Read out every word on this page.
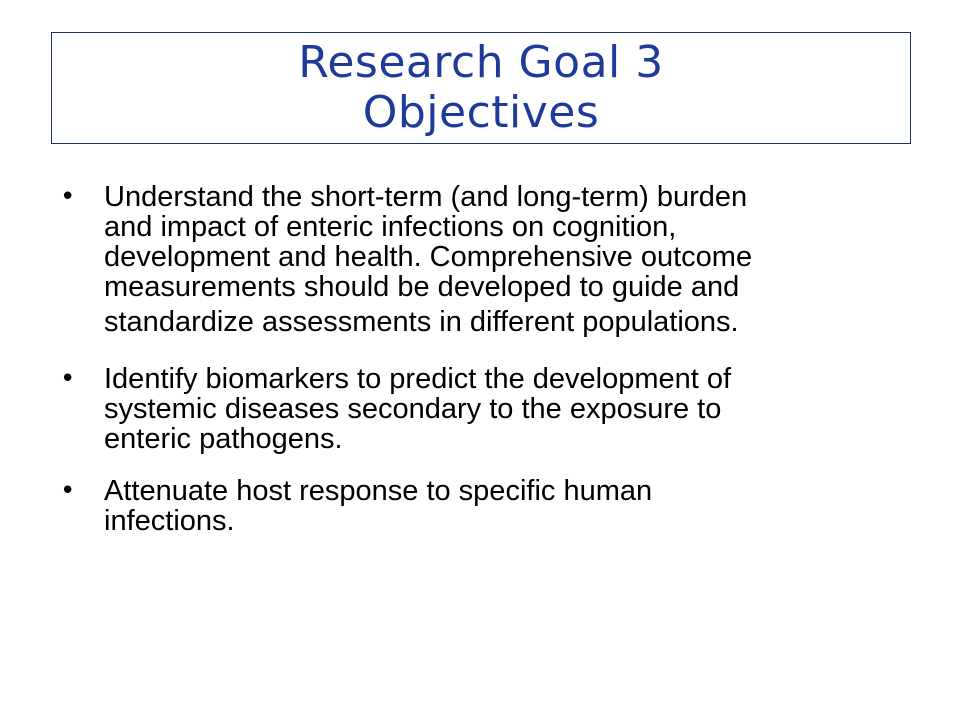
Research Goal 3
Objectives
• Understand the short-term (and long-term) burden
and impact of enteric infections on cognition,
development and health. Comprehensive outcome
measurements should be developed to guide and
standardize assessments in different populations.
• Identify biomarkers to predict the development of
systemic diseases secondary to the exposure to
enteric pathogens.
• Attenuate host response to specific human
infections.
